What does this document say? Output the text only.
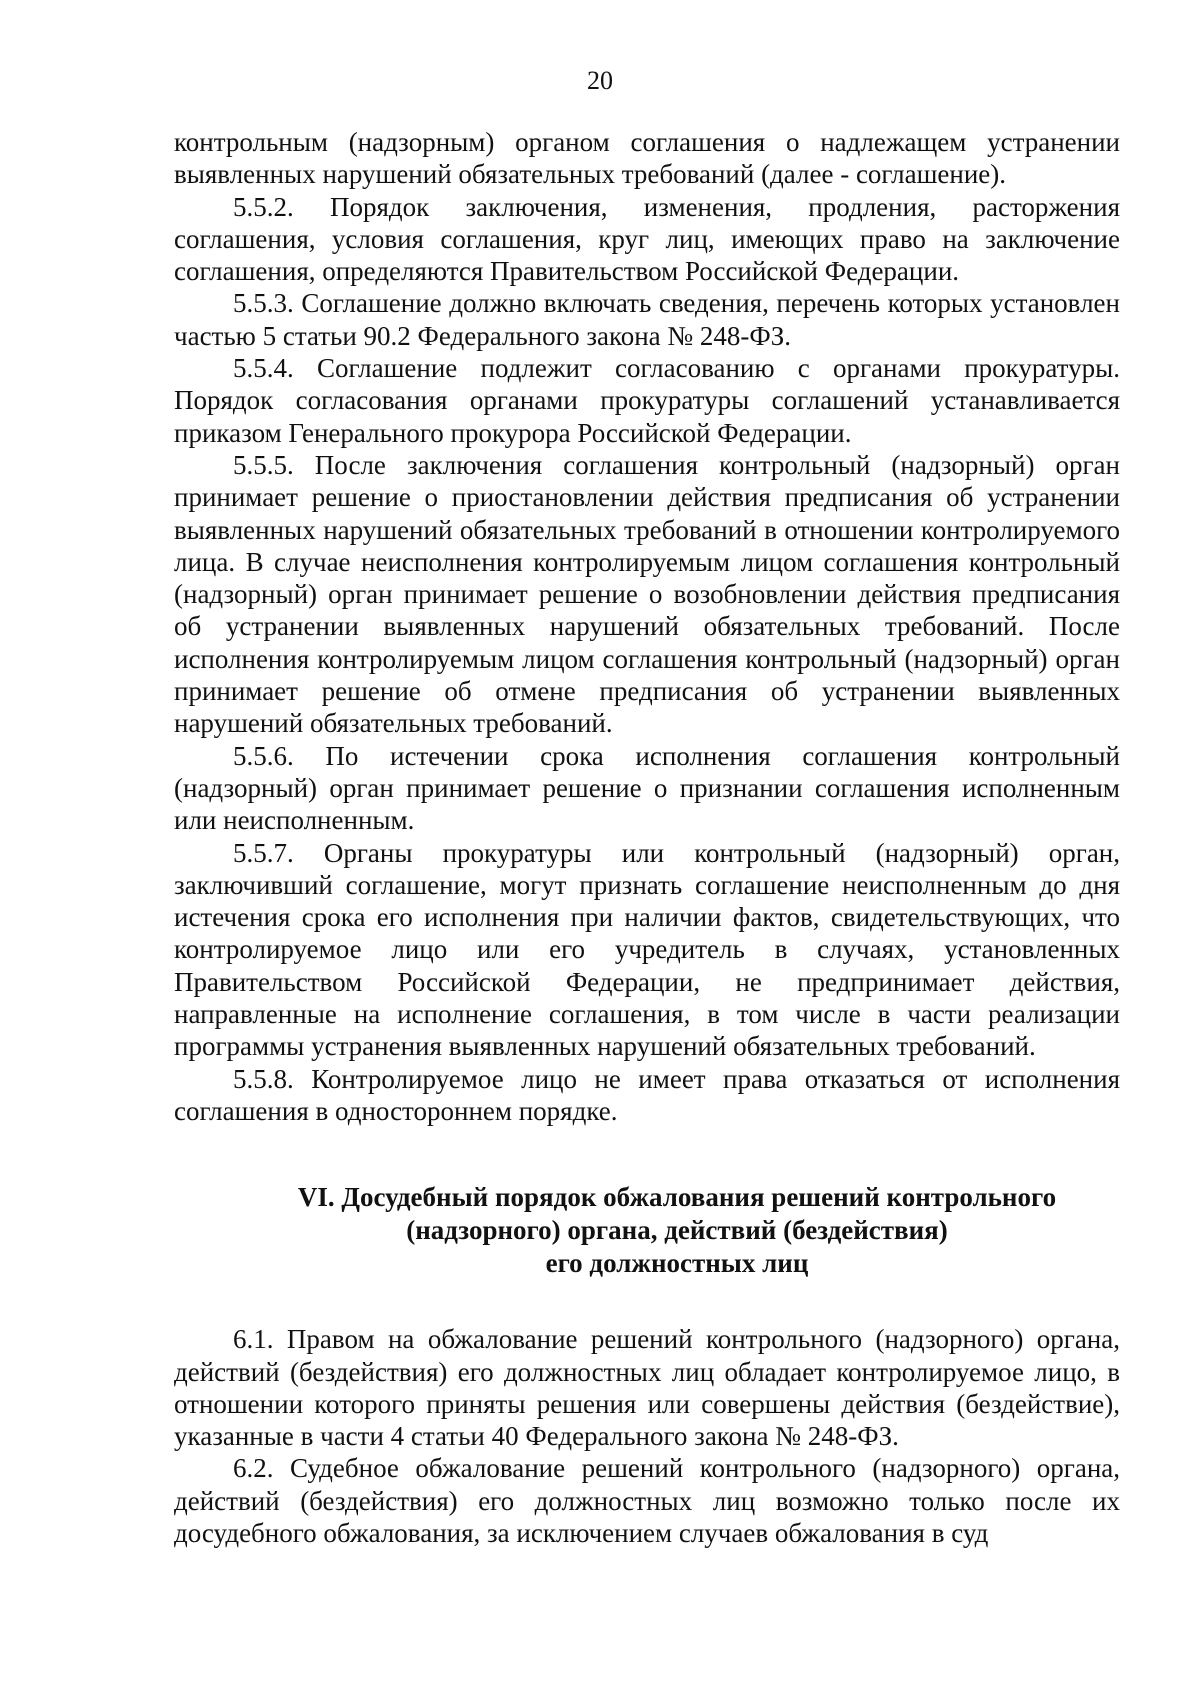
20

контрольным (надзорным) органом соглашения о надлежащем устранении выявленных нарушений обязательных требований (далее - соглашение).

5.5.2. Порядок заключения, изменения, продления, расторжения соглашения, условия соглашения, круг лиц, имеющих право на заключение соглашения, определяются Правительством Российской Федерации.

5.5.3. Соглашение должно включать сведения, перечень которых установлен частью 5 статьи 90.2 Федерального закона № 248-ФЗ.

5.5.4. Соглашение подлежит согласованию с органами прокуратуры. Порядок согласования органами прокуратуры соглашений устанавливается приказом Генерального прокурора Российской Федерации.

5.5.5. После заключения соглашения контрольный (надзорный) орган принимает решение о приостановлении действия предписания об устранении выявленных нарушений обязательных требований в отношении контролируемого лица. В случае неисполнения контролируемым лицом соглашения контрольный (надзорный) орган принимает решение о возобновлении действия предписания об устранении выявленных нарушений обязательных требований. После исполнения контролируемым лицом соглашения контрольный (надзорный) орган принимает решение об отмене предписания об устранении выявленных нарушений обязательных требований.

5.5.6. По истечении срока исполнения соглашения контрольный (надзорный) орган принимает решение о признании соглашения исполненным или неисполненным.

5.5.7. Органы прокуратуры или контрольный (надзорный) орган, заключивший соглашение, могут признать соглашение неисполненным до дня истечения срока его исполнения при наличии фактов, свидетельствующих, что контролируемое лицо или его учредитель в случаях, установленных Правительством Российской Федерации, не предпринимает действия, направленные на исполнение соглашения, в том числе в части реализации программы устранения выявленных нарушений обязательных требований.

5.5.8. Контролируемое лицо не имеет права отказаться от исполнения соглашения в одностороннем порядке.

VI. Досудебный порядок обжалования решений контрольного
(надзорного) органа, действий (бездействия)
его должностных лиц

6.1. Правом на обжалование решений контрольного (надзорного) органа, действий (бездействия) его должностных лиц обладает контролируемое лицо, в отношении которого приняты решения или совершены действия (бездействие), указанные в части 4 статьи 40 Федерального закона № 248-ФЗ.

6.2. Судебное обжалование решений контрольного (надзорного) органа, действий (бездействия) его должностных лиц возможно только после их досудебного обжалования, за исключением случаев обжалования в суд
